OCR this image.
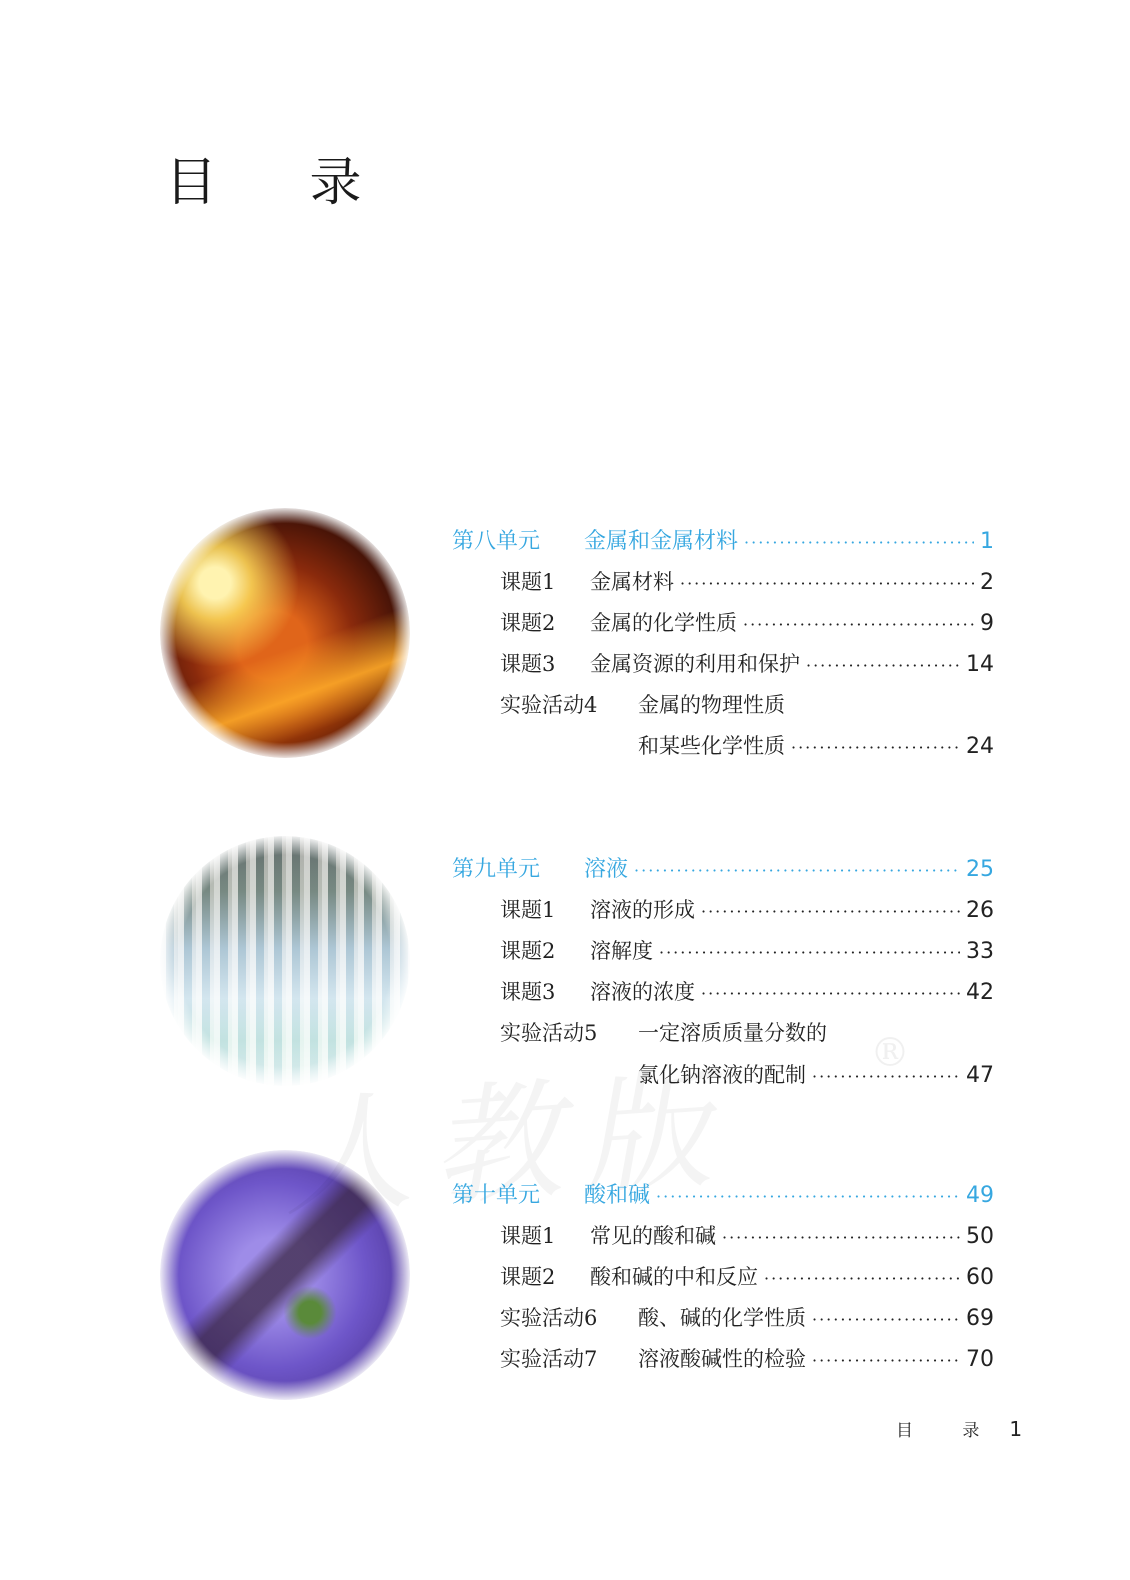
目 录
®
第八单元	金属和金属材料 ·····	1
课题1	金属材料 ·····	2
课题2	金属的化学性质 ·····	9
课题3	金属资源的利用和保护 ·····	14
实验活动4	金属的物理性质
和某些化学性质 ·····	24
第九单元	溶液 ·····	25
课题1	溶液的形成 ·····	26
课题2	溶解度 ·····	33
课题3	溶液的浓度 ·····	42
实验活动5	一定溶质质量分数的
氯化钠溶液的配制 ·····	47
第十单元	酸和碱 ·····	49
课题1	常见的酸和碱 ·····	50
课题2	酸和碱的中和反应 ·····	60
实验活动6	酸、碱的化学性质 ·····	69
实验活动7	溶液酸碱性的检验 ·····	70
目 录 1
